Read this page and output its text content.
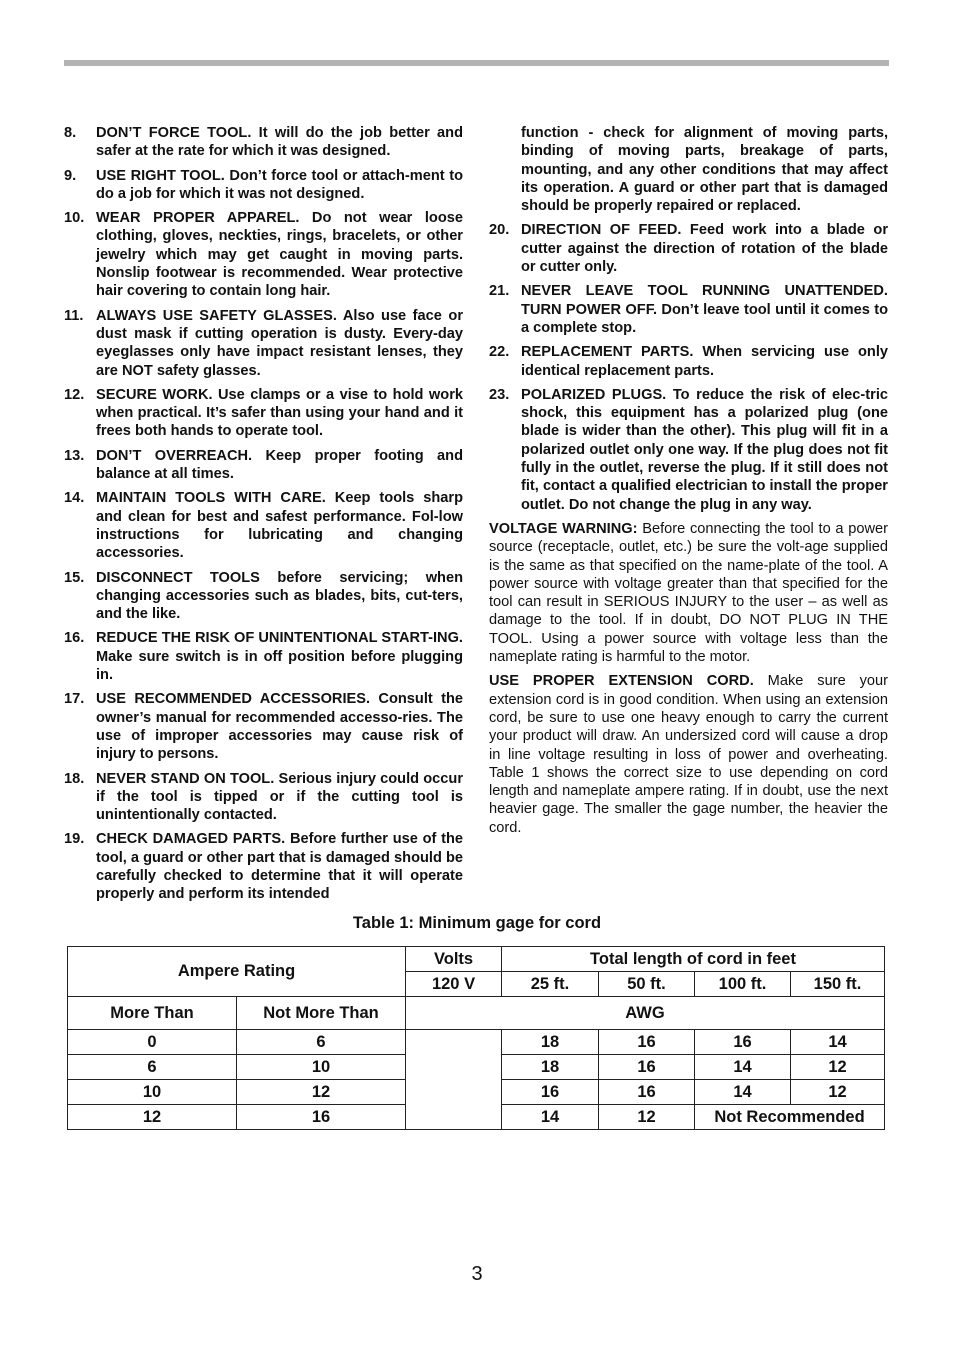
8.	DON’T FORCE TOOL. It will do the job better and safer at the rate for which it was designed.
9.	USE RIGHT TOOL. Don’t force tool or attach-ment to do a job for which it was not designed.
10. WEAR PROPER APPAREL. Do not wear loose clothing, gloves, neckties, rings, bracelets, or other jewelry which may get caught in moving parts. Nonslip footwear is recommended. Wear protective hair covering to contain long hair.
11. ALWAYS USE SAFETY GLASSES. Also use face or dust mask if cutting operation is dusty. Every-day eyeglasses only have impact resistant lenses, they are NOT safety glasses.
12. SECURE WORK. Use clamps or a vise to hold work when practical. It’s safer than using your hand and it frees both hands to operate tool.
13. DON’T OVERREACH. Keep proper footing and balance at all times.
14. MAINTAIN TOOLS WITH CARE. Keep tools sharp and clean for best and safest performance. Fol-low instructions for lubricating and changing accessories.
15. DISCONNECT TOOLS before servicing; when changing accessories such as blades, bits, cut-ters, and the like.
16. REDUCE THE RISK OF UNINTENTIONAL START-ING. Make sure switch is in off position before plugging in.
17. USE RECOMMENDED ACCESSORIES. Consult the owner’s manual for recommended accesso-ries. The use of improper accessories may cause risk of injury to persons.
18. NEVER STAND ON TOOL. Serious injury could occur if the tool is tipped or if the cutting tool is unintentionally contacted.
19. CHECK DAMAGED PARTS. Before further use of the tool, a guard or other part that is damaged should be carefully checked to determine that it will operate properly and perform its intended
function - check for alignment of moving parts, binding of moving parts, breakage of parts, mounting, and any other conditions that may affect its operation. A guard or other part that is damaged should be properly repaired or replaced.
20. DIRECTION OF FEED. Feed work into a blade or cutter against the direction of rotation of the blade or cutter only.
21. NEVER LEAVE TOOL RUNNING UNATTENDED. TURN POWER OFF. Don’t leave tool until it comes to a complete stop.
22. REPLACEMENT PARTS. When servicing use only identical replacement parts.
23. POLARIZED PLUGS. To reduce the risk of elec-tric shock, this equipment has a polarized plug (one blade is wider than the other). This plug will fit in a polarized outlet only one way. If the plug does not fit fully in the outlet, reverse the plug. If it still does not fit, contact a qualified electrician to install the proper outlet. Do not change the plug in any way.
VOLTAGE WARNING: Before connecting the tool to a power source (receptacle, outlet, etc.) be sure the volt-age supplied is the same as that specified on the name-plate of the tool. A power source with voltage greater than that specified for the tool can result in SERIOUS INJURY to the user – as well as damage to the tool. If in doubt, DO NOT PLUG IN THE TOOL. Using a power source with voltage less than the nameplate rating is harmful to the motor.
USE PROPER EXTENSION CORD. Make sure your extension cord is in good condition. When using an extension cord, be sure to use one heavy enough to carry the current your product will draw. An undersized cord will cause a drop in line voltage resulting in loss of power and overheating. Table 1 shows the correct size to use depending on cord length and nameplate ampere rating. If in doubt, use the next heavier gage. The smaller the gage number, the heavier the cord.
Table 1: Minimum gage for cord
Ampere Rating		Volts	Total length of cord in feet			
		120 V	25 ft.	50 ft.	100 ft.	150 ft.
More Than	Not More Than	AWG				
0	6		18	16	16	14
6	10		18	16	14	12
10	12		16	16	14	12
12	16		14	12	Not Recommended	
3
